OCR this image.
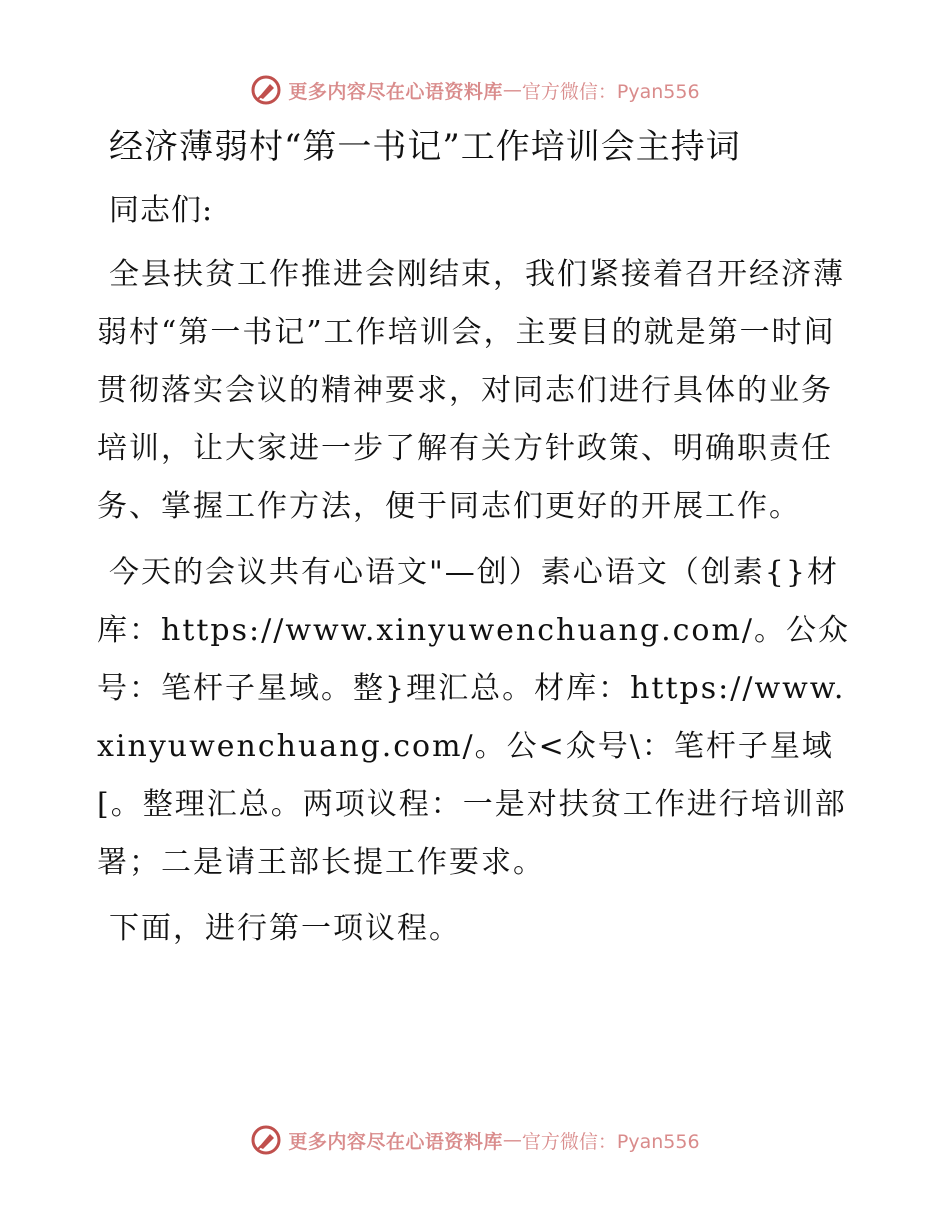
更多内容尽在心语资料库 — 官方微信：Pyan556
经济薄弱村“第一书记”工作培训会主持词
同志们:

全县扶贫工作推进会刚结束，我们紧接着召开经济薄弱村“第一书记”工作培训会，主要目的就是第一时间贯彻落实会议的精神要求，对同志们进行具体的业务培训，让大家进一步了解有关方针政策、明确职责任务、掌握工作方法，便于同志们更好的开展工作。

今天的会议共有心语文"—创）素心语文（创素{}材库：https://www.xinyuwenchuang.com/。公众号：笔杆子星域。整}理汇总。材库：https://www.xinyuwenchuang.com/。公<众号\：笔杆子星域[。整理汇总。两项议程：一是对扶贫工作进行培训部署；二是请王部长提工作要求。

下面，进行第一项议程。

更多内容尽在心语资料库 — 官方微信：Pyan556
